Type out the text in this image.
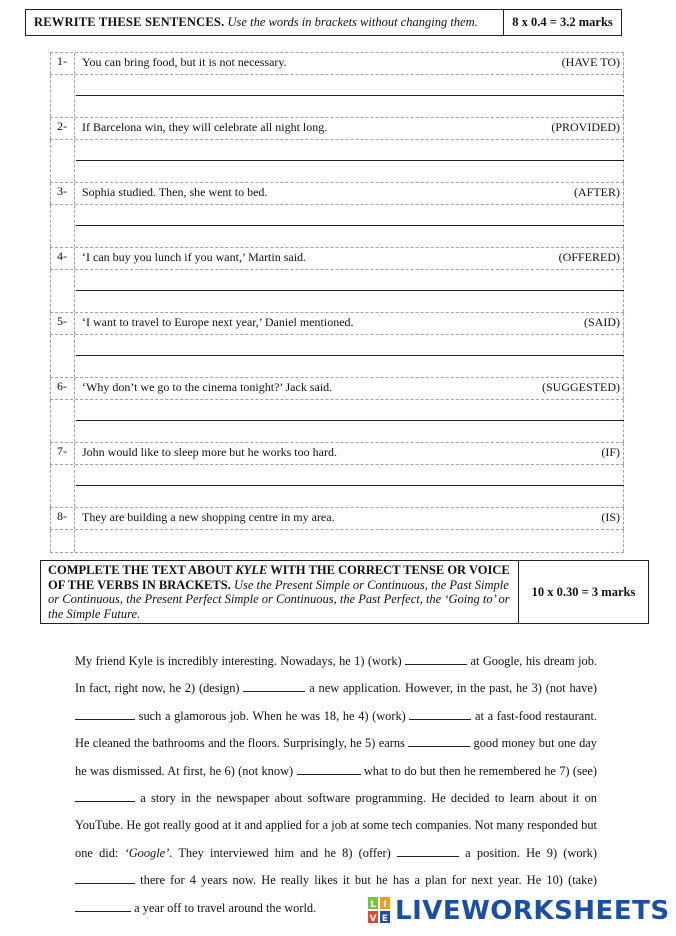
REWRITE THESE SENTENCES. Use the words in brackets without changing them.	8 x 0.4 = 3.2 marks
1-	You can bring food, but it is not necessary.	(HAVE TO)
2-	If Barcelona win, they will celebrate all night long.	(PROVIDED)
3-	Sophia studied. Then, she went to bed.	(AFTER)
4-	‘I can buy you lunch if you want,’ Martin said.	(OFFERED)
5-	‘I want to travel to Europe next year,’ Daniel mentioned.	(SAID)
6-	‘Why don’t we go to the cinema tonight?’ Jack said.	(SUGGESTED)
7-	John would like to sleep more but he works too hard.	(IF)
8-	They are building a new shopping centre in my area.	(IS)
COMPLETE THE TEXT ABOUT KYLE WITH THE CORRECT TENSE OR VOICE OF THE VERBS IN BRACKETS. Use the Present Simple or Continuous, the Past Simple or Continuous, the Present Perfect Simple or Continuous, the Past Perfect, the ‘Going to’ or the Simple Future.
10 x 0.30 = 3 marks
My friend Kyle is incredibly interesting. Nowadays, he 1) (work)	at Google, his dream job. In fact, right now, he 2) (design)	a new application. However, in the past, he 3) (not have)  such a glamorous job. When he was 18, he 4) (work)	at a fast-food restaurant. He cleaned the bathrooms and the floors. Surprisingly, he 5) earns	good money but one day he was dismissed. At first, he 6) (not know)	what to do but then he remembered he 7) (see)  a story in the newspaper about software programming. He decided to learn about it on YouTube. He got really good at it and applied for a job at some tech companies. Not many responded but one did: ‘Google’. They interviewed him and he 8) (offer)	a position. He 9) (work)  there for 4 years now. He really likes it but he has a plan for next year. He 10) (take)  a year off to travel around the world.	L I
V E LIVEWORKSHEETS
